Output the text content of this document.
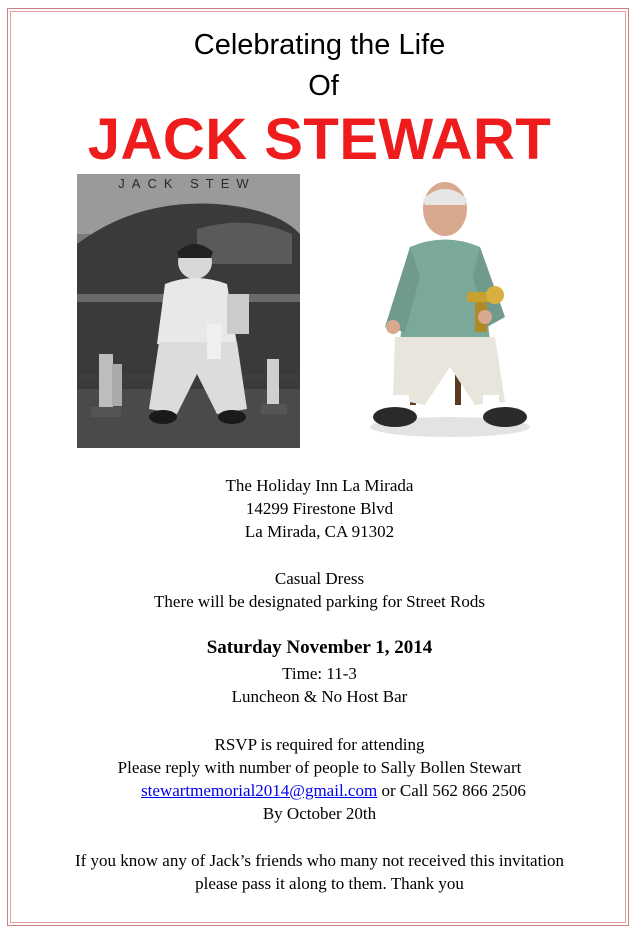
Celebrating the Life
Of
JACK STEWART
JACK STEW
The Holiday Inn La Mirada
14299 Firestone Blvd
La Mirada, CA 91302
Casual Dress
There will be designated parking for Street Rods
Saturday November 1, 2014
Time: 11-3
Luncheon & No Host Bar
RSVP is required for attending
Please reply with number of people to Sally Bollen Stewart
stewartmemorial2014@gmail.com or Call 562 866 2506
By October 20th
If you know any of Jack’s friends who many not received this invitation
please pass it along to them. Thank you
